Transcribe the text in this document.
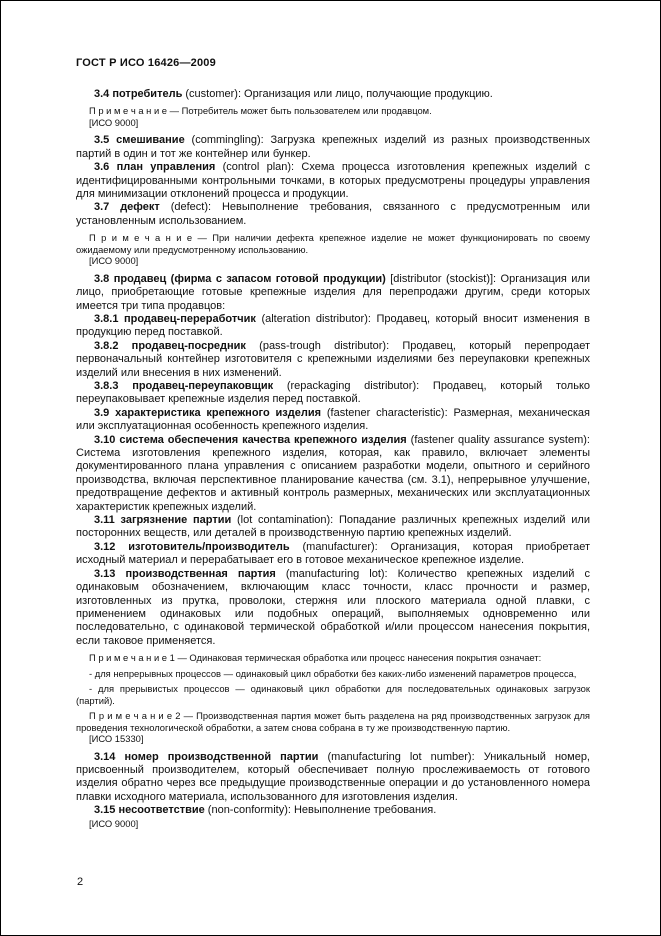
ГОСТ Р ИСО 16426—2009

3.4 потребитель (customer): Организация или лицо, получающие продукцию.

П р и м е ч а н и е — Потребитель может быть пользователем или продавцом.

[ИСО 9000]

3.5 смешивание (commingling): Загрузка крепежных изделий из разных производственных партий в один и тот же контейнер или бункер.

3.6 план управления (control plan): Схема процесса изготовления крепежных изделий с идентифицированными контрольными точками, в которых предусмотрены процедуры управления для минимизации отклонений процесса и продукции.

3.7 дефект (defect): Невыполнение требования, связанного с предусмотренным или установленным использованием.

П р и м е ч а н и е — При наличии дефекта крепежное изделие не может функционировать по своему ожидаемому или предусмотренному использованию.

[ИСО 9000]

3.8 продавец (фирма с запасом готовой продукции) [distributor (stockist)]: Организация или лицо, приобретающие готовые крепежные изделия для перепродажи другим, среди которых имеется три типа продавцов:

3.8.1 продавец-переработчик (alteration distributor): Продавец, который вносит изменения в продукцию перед поставкой.

3.8.2 продавец-посредник (pass-trough distributor): Продавец, который перепродает первоначальный контейнер изготовителя с крепежными изделиями без переупаковки крепежных изделий или внесения в них изменений.

3.8.3 продавец-переупаковщик (repackaging distributor): Продавец, который только переупаковывает крепежные изделия перед поставкой.

3.9 характеристика крепежного изделия (fastener characteristic): Размерная, механическая или эксплуатационная особенность крепежного изделия.

3.10 система обеспечения качества крепежного изделия (fastener quality assurance system): Система изготовления крепежного изделия, которая, как правило, включает элементы документированного плана управления с описанием разработки модели, опытного и серийного производства, включая перспективное планирование качества (см. 3.1), непрерывное улучшение, предотвращение дефектов и активный контроль размерных, механических или эксплуатационных характеристик крепежных изделий.

3.11 загрязнение партии (lot contamination): Попадание различных крепежных изделий или посторонних веществ, или деталей в производственную партию крепежных изделий.

3.12 изготовитель/производитель (manufacturer): Организация, которая приобретает исходный материал и перерабатывает его в готовое механическое крепежное изделие.

3.13 производственная партия (manufacturing lot): Количество крепежных изделий с одинаковым обозначением, включающим класс точности, класс прочности и размер, изготовленных из прутка, проволоки, стержня или плоского материала одной плавки, с применением одинаковых или подобных операций, выполняемых одновременно или последовательно, с одинаковой термической обработкой и/или процессом нанесения покрытия, если таковое применяется.

П р и м е ч а н и е 1 — Одинаковая термическая обработка или процесс нанесения покрытия означает:

- для непрерывных процессов — одинаковый цикл обработки без каких-либо изменений параметров процесса,

- для прерывистых процессов — одинаковый цикл обработки для последовательных одинаковых загрузок (партий).

П р и м е ч а н и е 2 — Производственная партия может быть разделена на ряд производственных загрузок для проведения технологической обработки, а затем снова собрана в ту же производственную партию.

[ИСО 15330]

3.14 номер производственной партии (manufacturing lot number): Уникальный номер, присвоенный производителем, который обеспечивает полную прослеживаемость от готового изделия обратно через все предыдущие производственные операции и до установленного номера плавки исходного материала, использованного для изготовления изделия.

3.15 несоответствие (non-conformity): Невыполнение требования.

[ИСО 9000]

2
